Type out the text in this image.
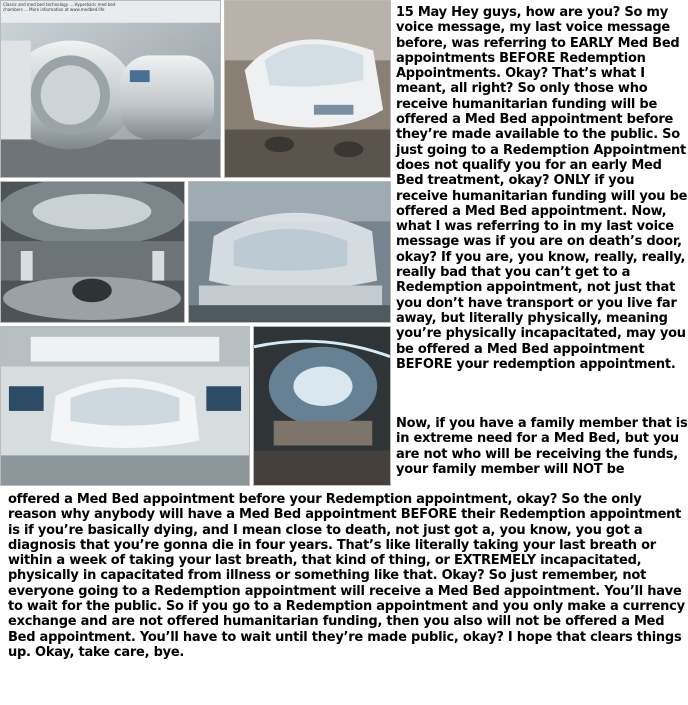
Classic and med bed technology ... Hyperbaric med bed chambers ... More information at www.medbed.life	15 May Hey guys, how are you? So my voice message, my last voice message before, was referring to EARLY Med Bed appointments BEFORE Redemption Appointments. Okay? That’s what I meant, all right? So only those who receive humanitarian funding will be offered a Med Bed appointment before they’re made available to the public. So just going to a Redemption Appointment does not qualify you for an early Med Bed treatment, okay? ONLY if you receive humanitarian funding will you be offered a Med Bed appointment. Now, what I was referring to in my last voice message was if you are on death’s door, okay? If you are, you know, really, really, really bad that you can’t get to a Redemption appointment, not just that you don’t have transport or you live far away, but literally physically, meaning you’re physically incapacitated, may you be offered a Med Bed appointment BEFORE your redemption appointment.

Now, if you have a family member that is in extreme need for a Med Bed, but you are not who will be receiving the funds, your family member will NOT be

offered a Med Bed appointment before your Redemption appointment, okay? So the only reason why anybody will have a Med Bed appointment BEFORE their Redemption appointment is if you’re basically dying, and I mean close to death, not just got a, you know, you got a diagnosis that you’re gonna die in four years. That’s like literally taking your last breath or within a week of taking your last breath, that kind of thing, or EXTREMELY incapacitated, physically in capacitated from illness or something like that. Okay? So just remember, not everyone going to a Redemption appointment will receive a Med Bed appointment. You’ll have to wait for the public. So if you go to a Redemption appointment and you only make a currency exchange and are not offered humanitarian funding, then you also will not be offered a Med Bed appointment. You’ll have to wait until they’re made public, okay? I hope that clears things up. Okay, take care, bye.
